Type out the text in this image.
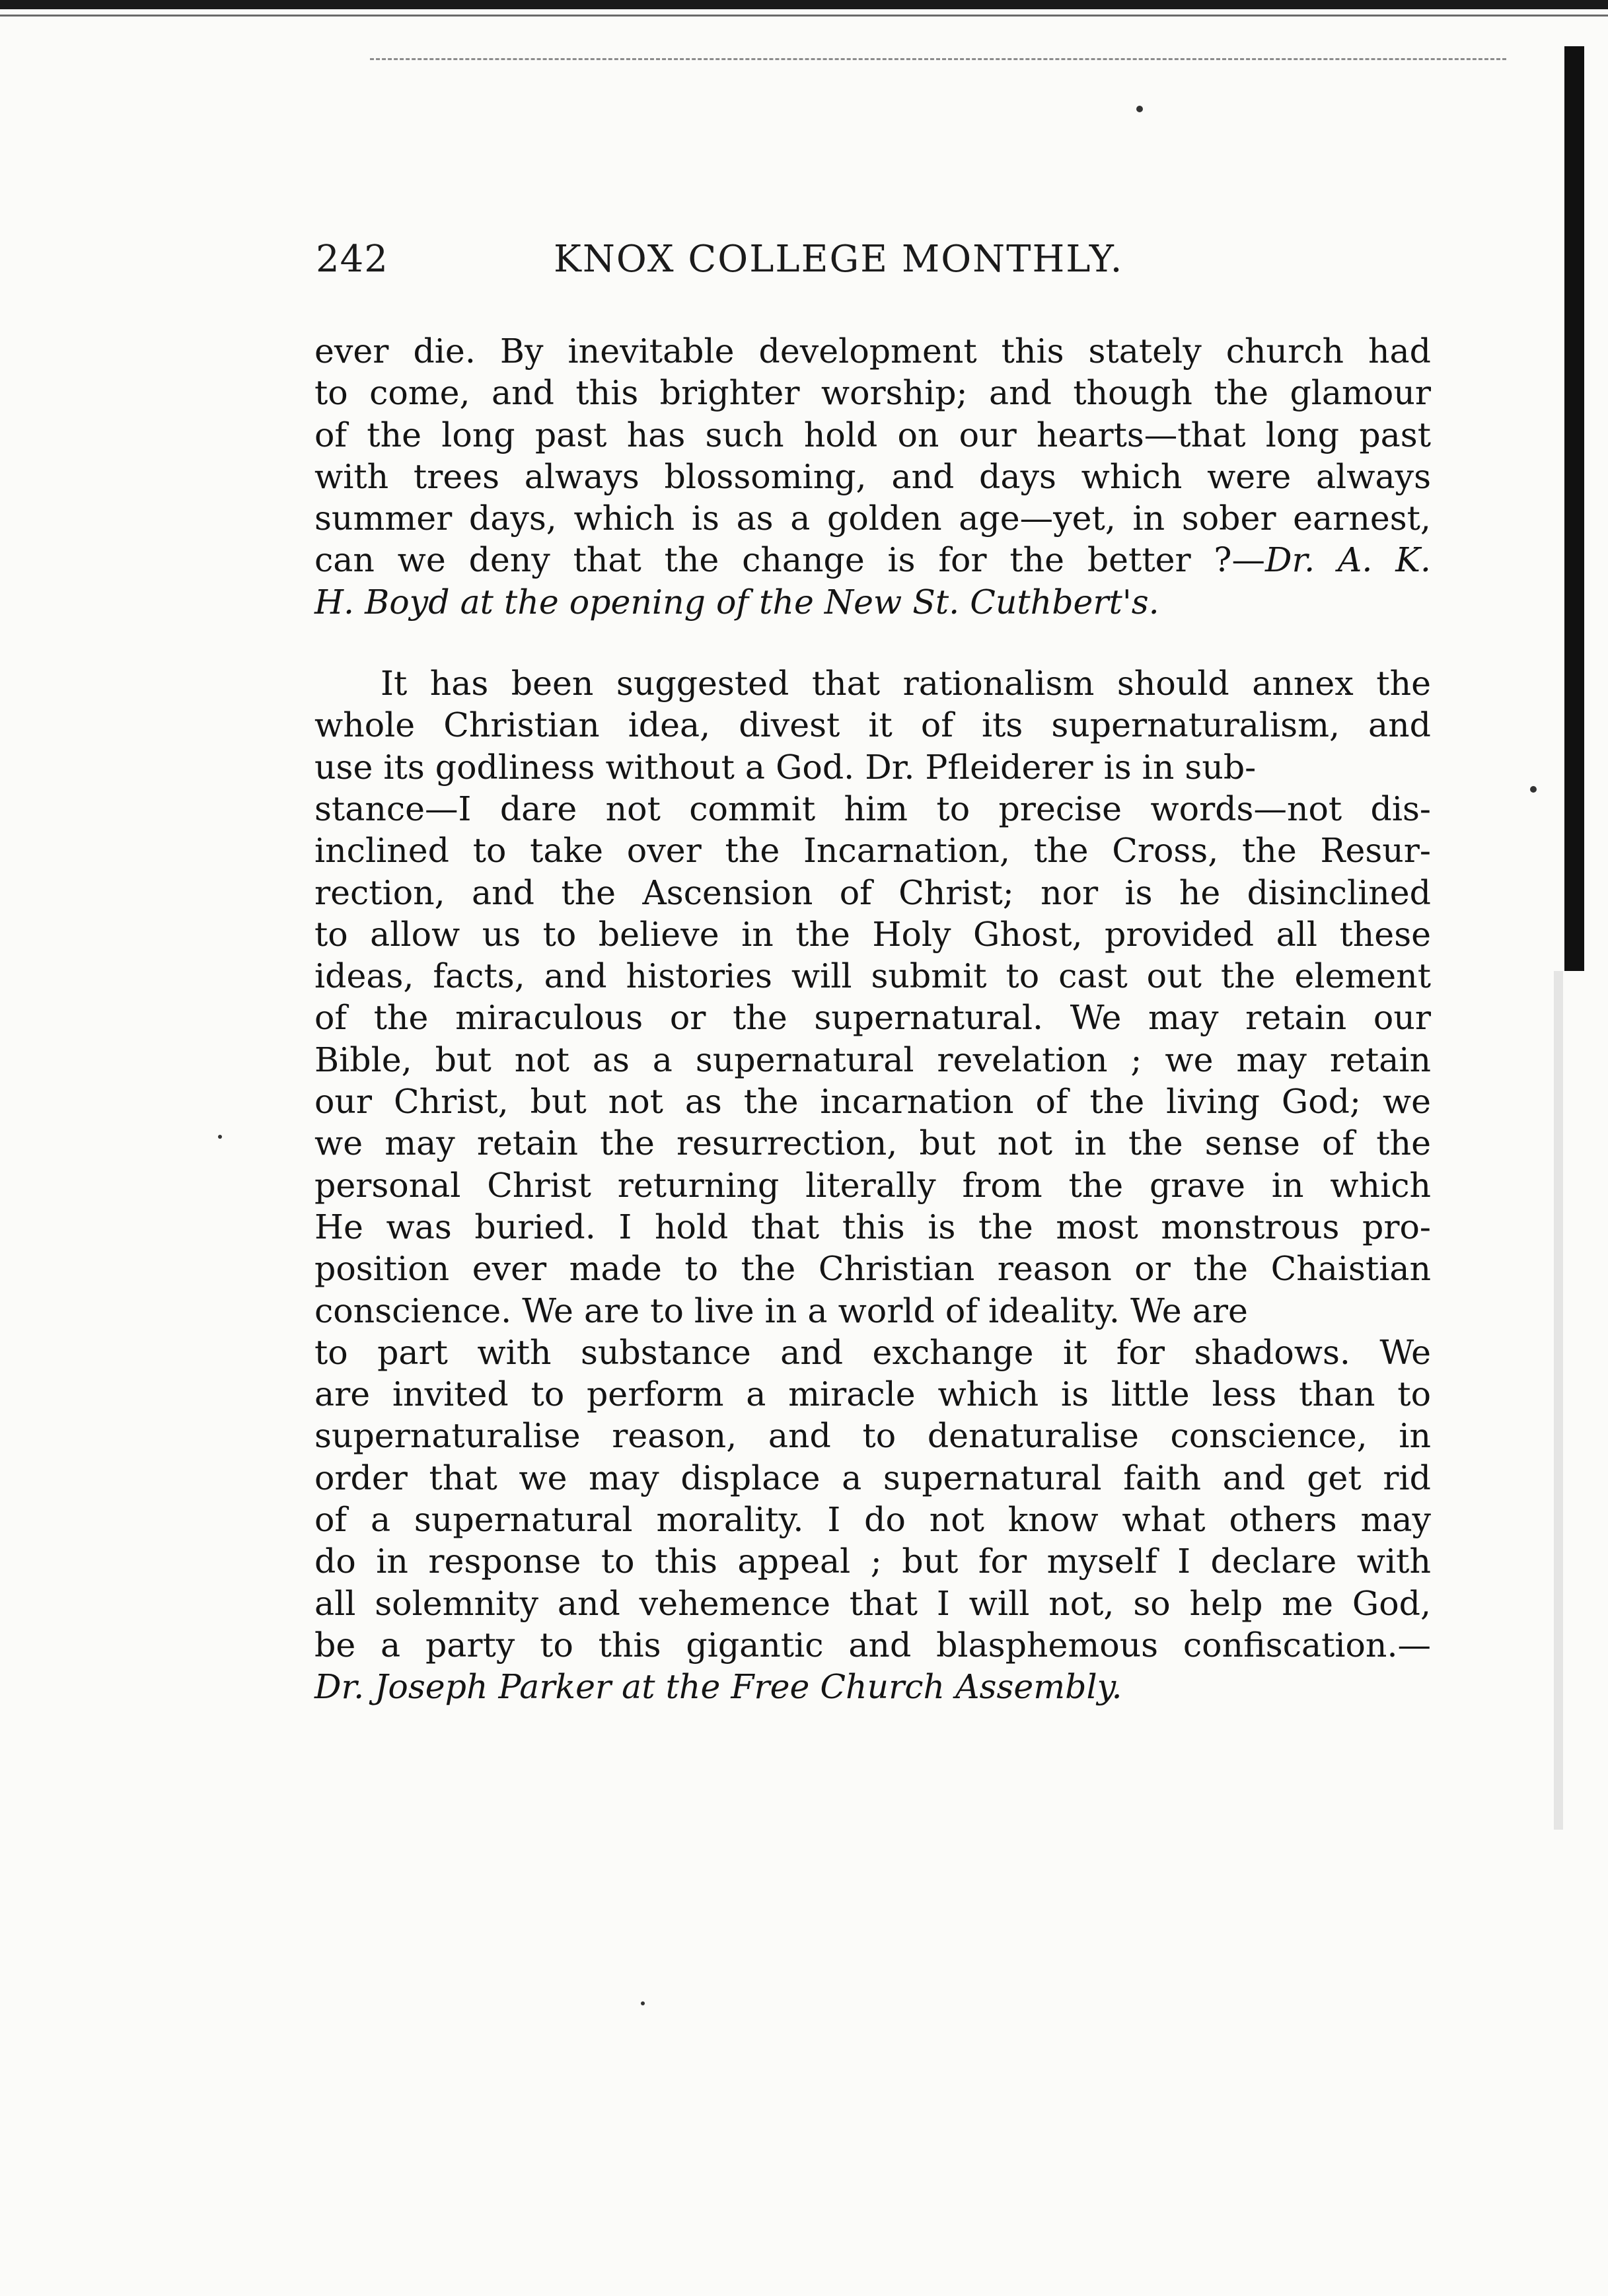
242	KNOX COLLEGE MONTHLY.
ever die. By inevitable development this stately church had
to come, and this brighter worship; and though the glamour
of the long past has such hold on our hearts—that long past
with trees always blossoming, and days which were always
summer days, which is as a golden age—yet, in sober earnest,
can we deny that the change is for the better ?—Dr. A. K.
H. Boyd at the opening of the New St. Cuthbert's.
It has been suggested that rationalism should annex the
whole Christian idea, divest it of its supernaturalism, and
use its godliness without a God. Dr. Pfleiderer is in sub-
stance—I dare not commit him to precise words—not dis-
inclined to take over the Incarnation, the Cross, the Resur-
rection, and the Ascension of Christ; nor is he disinclined
to allow us to believe in the Holy Ghost, provided all these
ideas, facts, and histories will submit to cast out the element
of the miraculous or the supernatural. We may retain our
Bible, but not as a supernatural revelation ; we may retain
our Christ, but not as the incarnation of the living God; we
we may retain the resurrection, but not in the sense of the
personal Christ returning literally from the grave in which
He was buried. I hold that this is the most monstrous pro-
position ever made to the Christian reason or the Chaistian
conscience. We are to live in a world of ideality. We are
to part with substance and exchange it for shadows. We
are invited to perform a miracle which is little less than to
supernaturalise reason, and to denaturalise conscience, in
order that we may displace a supernatural faith and get rid
of a supernatural morality. I do not know what others may
do in response to this appeal ; but for myself I declare with
all solemnity and vehemence that I will not, so help me God,
be a party to this gigantic and blasphemous confiscation.—
Dr. Joseph Parker at the Free Church Assembly.
